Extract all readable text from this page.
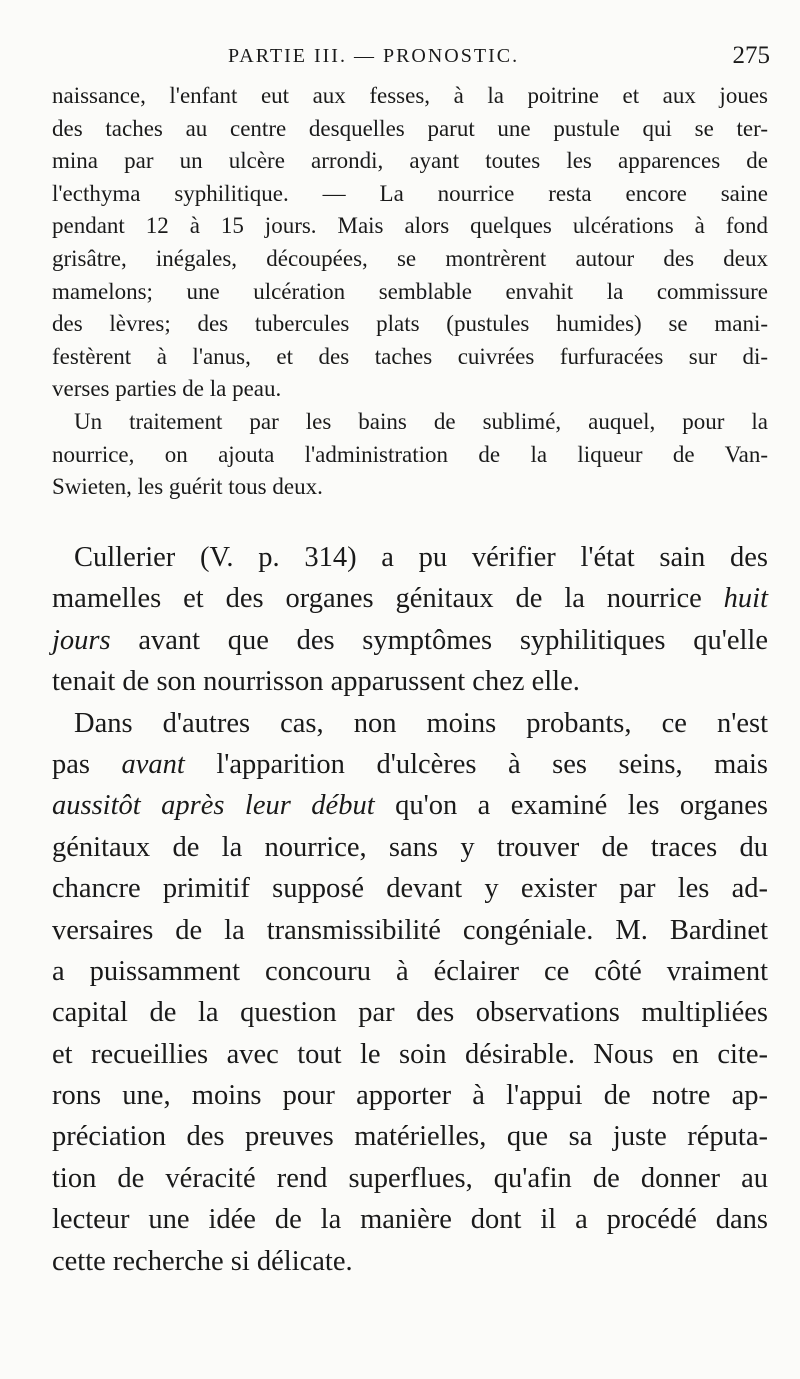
PARTIE III. — PRONOSTIC.	275
naissance, l'enfant eut aux fesses, à la poitrine et aux joues
des taches au centre desquelles parut une pustule qui se ter-
mina par un ulcère arrondi, ayant toutes les apparences de
l'ecthyma syphilitique. — La nourrice resta encore saine
pendant 12 à 15 jours. Mais alors quelques ulcérations à fond
grisâtre, inégales, découpées, se montrèrent autour des deux
mamelons; une ulcération semblable envahit la commissure
des lèvres; des tubercules plats (pustules humides) se mani-
festèrent à l'anus, et des taches cuivrées furfuracées sur di-
verses parties de la peau.
Un traitement par les bains de sublimé, auquel, pour la
nourrice, on ajouta l'administration de la liqueur de Van-
Swieten, les guérit tous deux.
Cullerier (V. p. 314) a pu vérifier l'état sain des
mamelles et des organes génitaux de la nourrice huit
jours avant que des symptômes syphilitiques qu'elle
tenait de son nourrisson apparussent chez elle.
Dans d'autres cas, non moins probants, ce n'est
pas avant l'apparition d'ulcères à ses seins, mais
aussitôt après leur début qu'on a examiné les organes
génitaux de la nourrice, sans y trouver de traces du
chancre primitif supposé devant y exister par les ad-
versaires de la transmissibilité congéniale. M. Bardinet
a puissamment concouru à éclairer ce côté vraiment
capital de la question par des observations multipliées
et recueillies avec tout le soin désirable. Nous en cite-
rons une, moins pour apporter à l'appui de notre ap-
préciation des preuves matérielles, que sa juste réputa-
tion de véracité rend superflues, qu'afin de donner au
lecteur une idée de la manière dont il a procédé dans
cette recherche si délicate.
